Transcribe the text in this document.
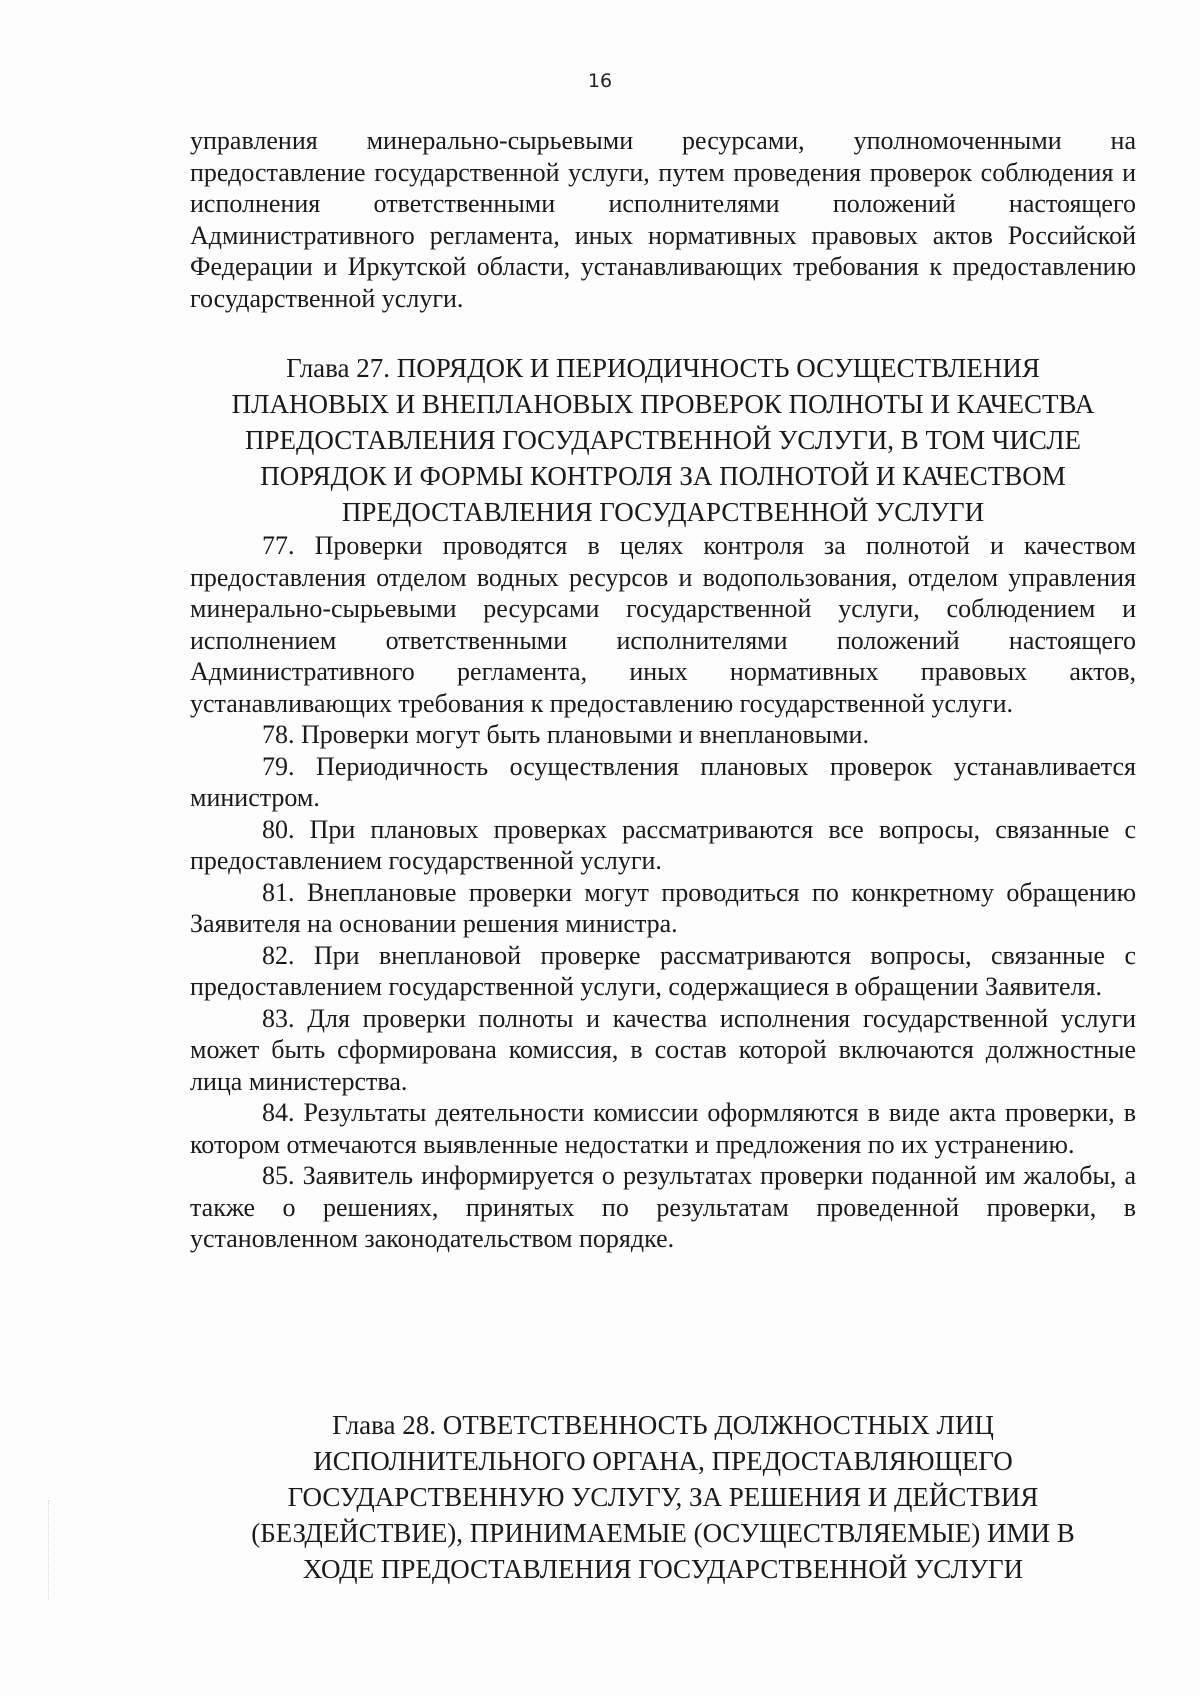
16

управления минерально-сырьевыми ресурсами, уполномоченными на предоставление государственной услуги, путем проведения проверок соблюдения и исполнения ответственными исполнителями положений настоящего Административного регламента, иных нормативных правовых актов Российской Федерации и Иркутской области, устанавливающих требования к предоставлению государственной услуги.

Глава 27. ПОРЯДОК И ПЕРИОДИЧНОСТЬ ОСУЩЕСТВЛЕНИЯ
ПЛАНОВЫХ И ВНЕПЛАНОВЫХ ПРОВЕРОК ПОЛНОТЫ И КАЧЕСТВА
ПРЕДОСТАВЛЕНИЯ ГОСУДАРСТВЕННОЙ УСЛУГИ, В ТОМ ЧИСЛЕ
ПОРЯДОК И ФОРМЫ КОНТРОЛЯ ЗА ПОЛНОТОЙ И КАЧЕСТВОМ
ПРЕДОСТАВЛЕНИЯ ГОСУДАРСТВЕННОЙ УСЛУГИ

77. Проверки проводятся в целях контроля за полнотой и качеством предоставления отделом водных ресурсов и водопользования, отделом управления минерально-сырьевыми ресурсами государственной услуги, соблюдением и исполнением ответственными исполнителями положений настоящего Административного регламента, иных нормативных правовых актов, устанавливающих требования к предоставлению государственной услуги.

78. Проверки могут быть плановыми и внеплановыми.

79. Периодичность осуществления плановых проверок устанавливается министром.

80. При плановых проверках рассматриваются все вопросы, связанные с предоставлением государственной услуги.

81. Внеплановые проверки могут проводиться по конкретному обращению Заявителя на основании решения министра.

82. При внеплановой проверке рассматриваются вопросы, связанные с предоставлением государственной услуги, содержащиеся в обращении Заявителя.

83. Для проверки полноты и качества исполнения государственной услуги может быть сформирована комиссия, в состав которой включаются должностные лица министерства.

84. Результаты деятельности комиссии оформляются в виде акта проверки, в котором отмечаются выявленные недостатки и предложения по их устранению.

85. Заявитель информируется о результатах проверки поданной им жалобы, а также о решениях, принятых по результатам проведенной проверки, в установленном законодательством порядке.

Глава 28. ОТВЕТСТВЕННОСТЬ ДОЛЖНОСТНЫХ ЛИЦ
ИСПОЛНИТЕЛЬНОГО ОРГАНА, ПРЕДОСТАВЛЯЮЩЕГО
ГОСУДАРСТВЕННУЮ УСЛУГУ, ЗА РЕШЕНИЯ И ДЕЙСТВИЯ
(БЕЗДЕЙСТВИЕ), ПРИНИМАЕМЫЕ (ОСУЩЕСТВЛЯЕМЫЕ) ИМИ В
ХОДЕ ПРЕДОСТАВЛЕНИЯ ГОСУДАРСТВЕННОЙ УСЛУГИ
